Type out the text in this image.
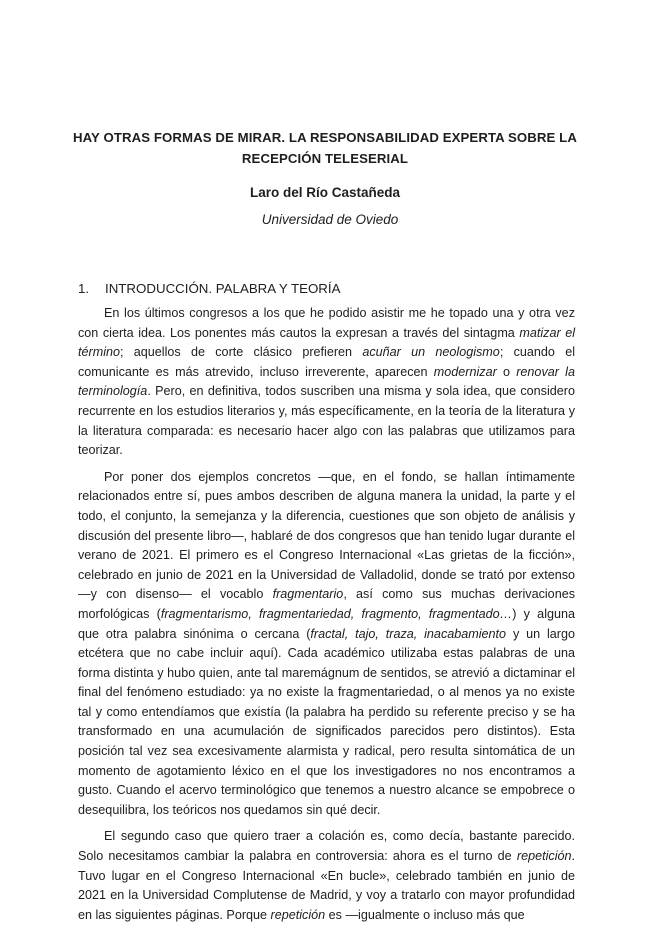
HAY OTRAS FORMAS DE MIRAR. LA RESPONSABILIDAD EXPERTA SOBRE LA
RECEPCIÓN TELESERIAL
Laro del Río Castañeda
Universidad de Oviedo
1. INTRODUCCIÓN. PALABRA Y TEORÍA

En los últimos congresos a los que he podido asistir me he topado una y otra vez con cierta idea. Los ponentes más cautos la expresan a través del sintagma matizar el término; aquellos de corte clásico prefieren acuñar un neologismo; cuando el comunicante es más atrevido, incluso irreverente, aparecen modernizar o renovar la terminología. Pero, en definitiva, todos suscriben una misma y sola idea, que considero recurrente en los estudios literarios y, más específicamente, en la teoría de la literatura y la literatura comparada: es necesario hacer algo con las palabras que utilizamos para teorizar.

Por poner dos ejemplos concretos —que, en el fondo, se hallan íntimamente relacionados entre sí, pues ambos describen de alguna manera la unidad, la parte y el todo, el conjunto, la semejanza y la diferencia, cuestiones que son objeto de análisis y discusión del presente libro—, hablaré de dos congresos que han tenido lugar durante el verano de 2021. El primero es el Congreso Internacional «Las grietas de la ficción», celebrado en junio de 2021 en la Universidad de Valladolid, donde se trató por extenso —y con disenso— el vocablo fragmentario, así como sus muchas derivaciones morfológicas (fragmentarismo, fragmentariedad, fragmento, fragmentado…) y alguna que otra palabra sinónima o cercana (fractal, tajo, traza, inacabamiento y un largo etcétera que no cabe incluir aquí). Cada académico utilizaba estas palabras de una forma distinta y hubo quien, ante tal maremágnum de sentidos, se atrevió a dictaminar el final del fenómeno estudiado: ya no existe la fragmentariedad, o al menos ya no existe tal y como entendíamos que existía (la palabra ha perdido su referente preciso y se ha transformado en una acumulación de significados parecidos pero distintos). Esta posición tal vez sea excesivamente alarmista y radical, pero resulta sintomática de un momento de agotamiento léxico en el que los investigadores no nos encontramos a gusto. Cuando el acervo terminológico que tenemos a nuestro alcance se empobrece o desequilibra, los teóricos nos quedamos sin qué decir.

El segundo caso que quiero traer a colación es, como decía, bastante parecido. Solo necesitamos cambiar la palabra en controversia: ahora es el turno de repetición. Tuvo lugar en el Congreso Internacional «En bucle», celebrado también en junio de 2021 en la Universidad Complutense de Madrid, y voy a tratarlo con mayor profundidad en las siguientes páginas. Porque repetición es —igualmente o incluso más que
